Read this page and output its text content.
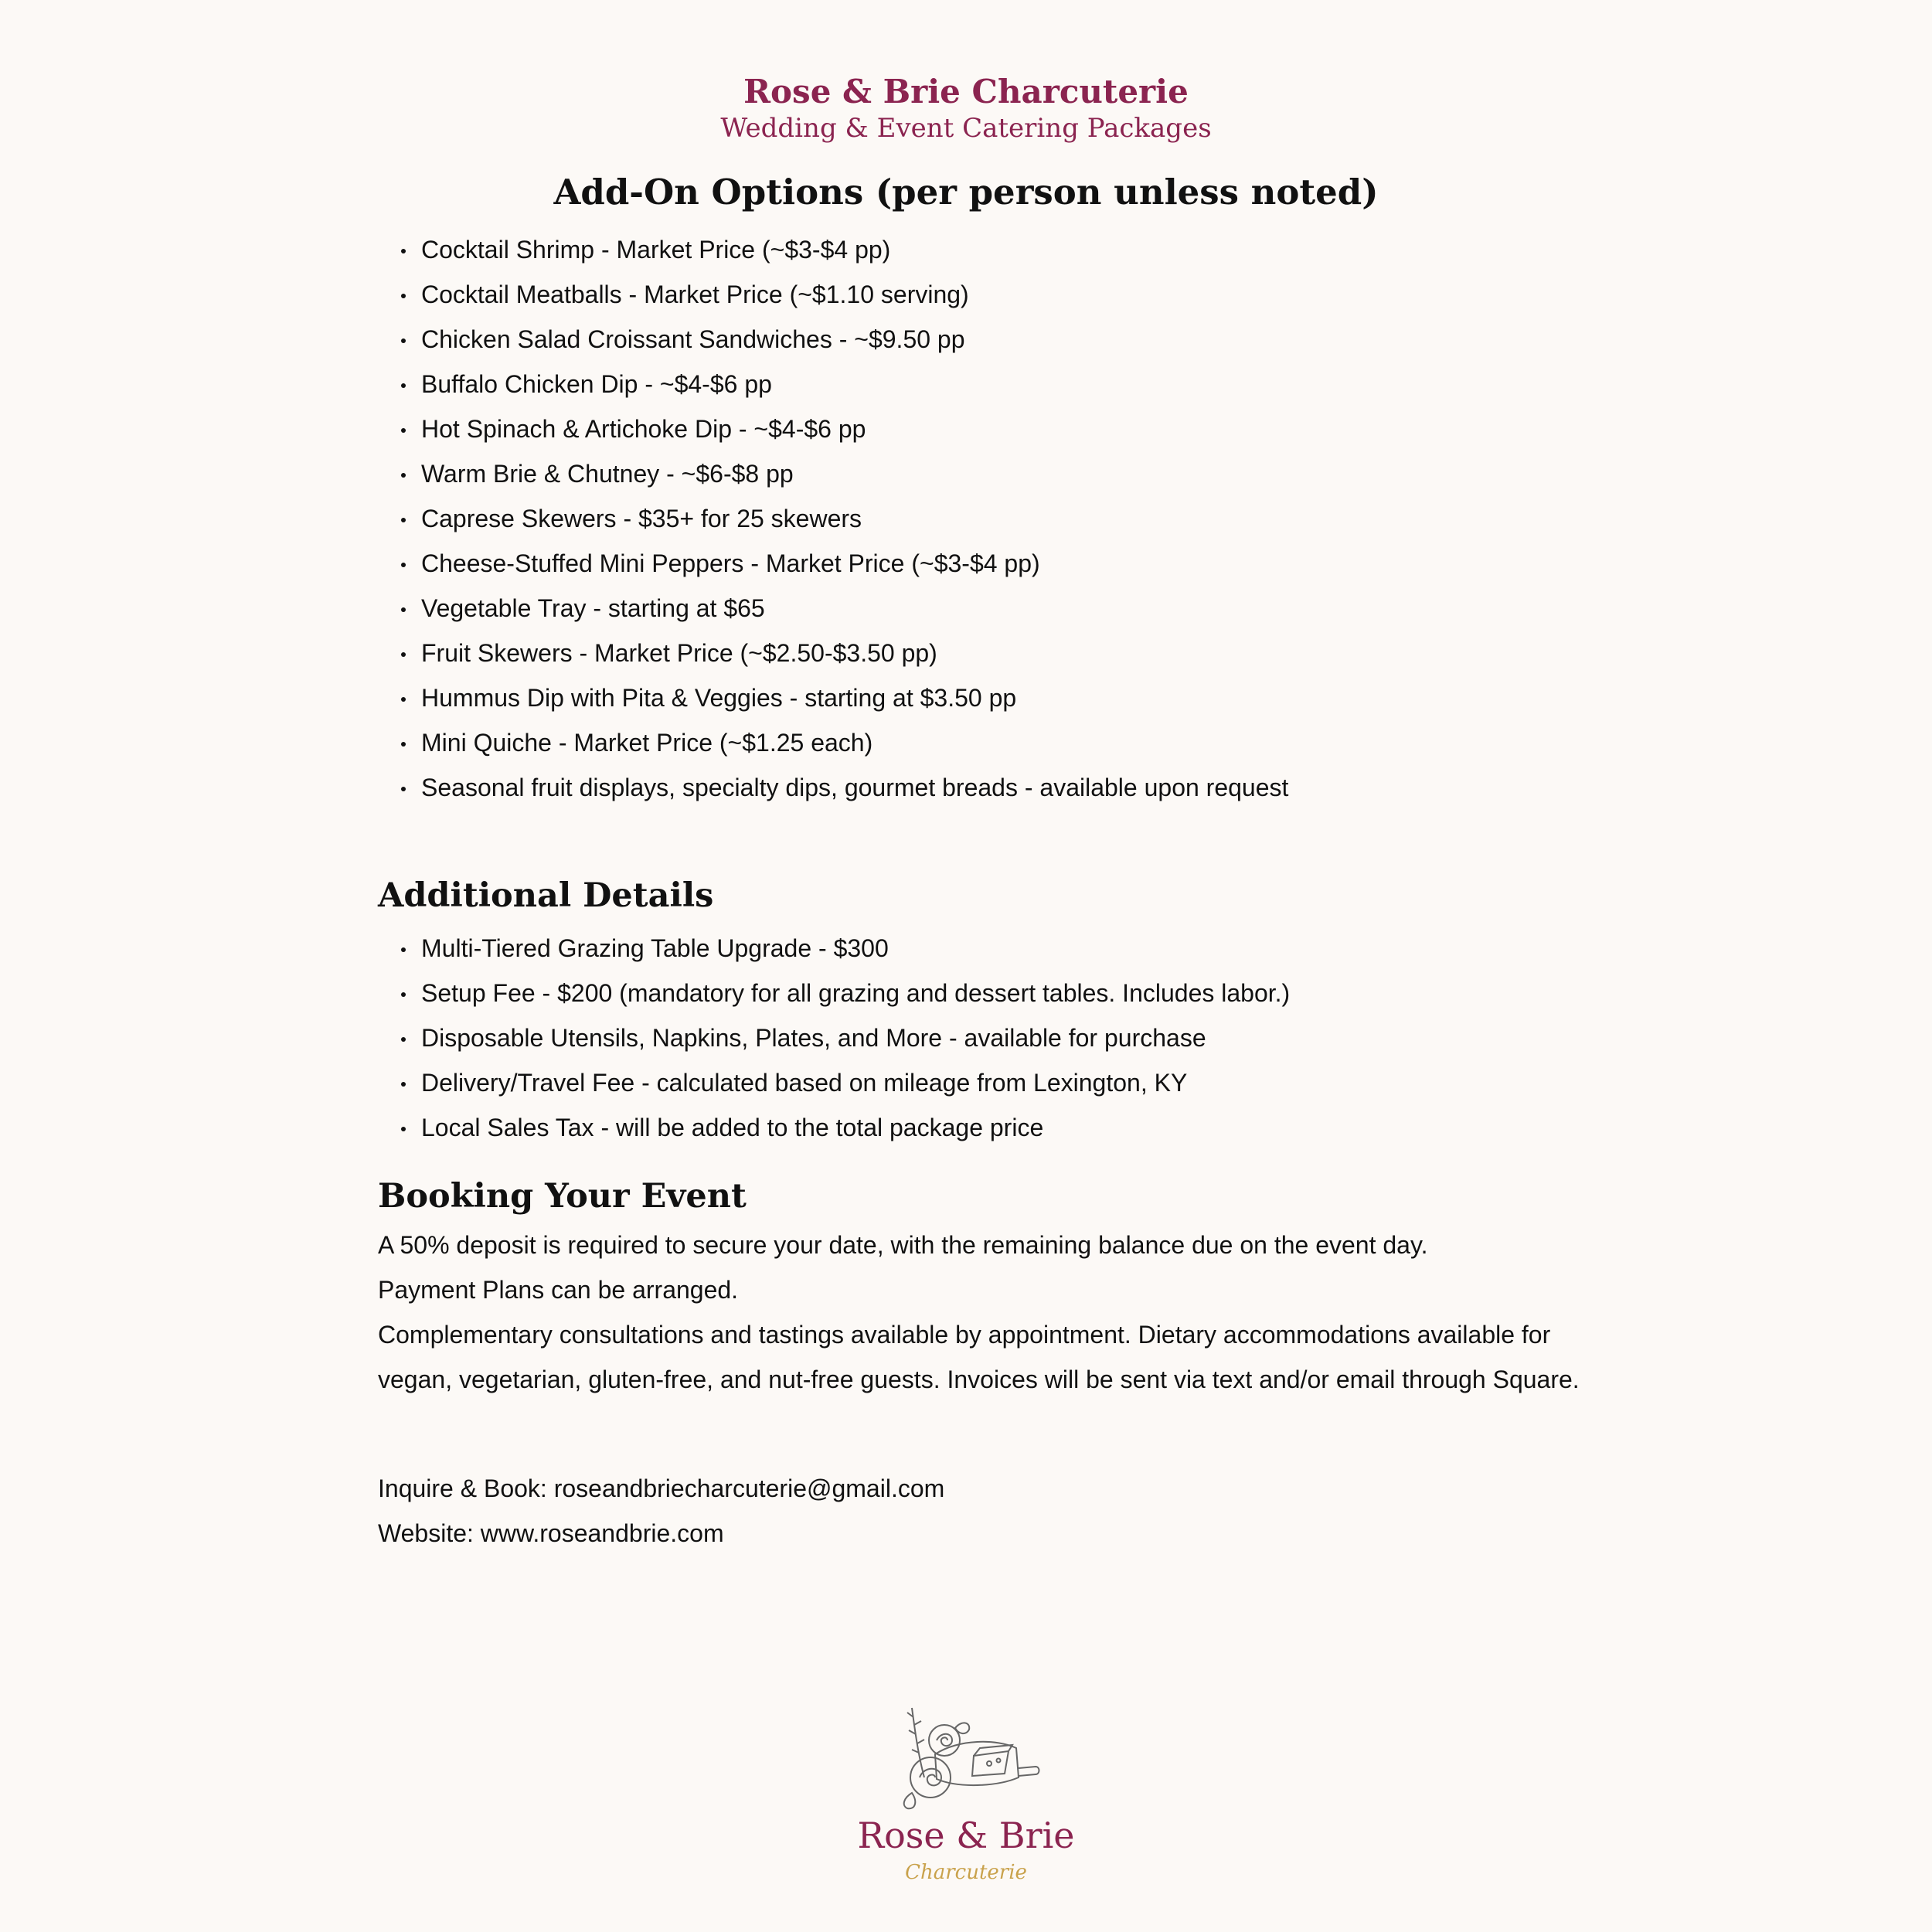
Rose & Brie Charcuterie
Wedding & Event Catering Packages
Add-On Options (per person unless noted)
Cocktail Shrimp - Market Price (~$3-$4 pp)
Cocktail Meatballs - Market Price (~$1.10 serving)
Chicken Salad Croissant Sandwiches - ~$9.50 pp
Buffalo Chicken Dip - ~$4-$6 pp
Hot Spinach & Artichoke Dip - ~$4-$6 pp
Warm Brie & Chutney - ~$6-$8 pp
Caprese Skewers - $35+ for 25 skewers
Cheese-Stuffed Mini Peppers - Market Price (~$3-$4 pp)
Vegetable Tray - starting at $65
Fruit Skewers - Market Price (~$2.50-$3.50 pp)
Hummus Dip with Pita & Veggies - starting at $3.50 pp
Mini Quiche - Market Price (~$1.25 each)
Seasonal fruit displays, specialty dips, gourmet breads - available upon request
Additional Details
Multi-Tiered Grazing Table Upgrade - $300
Setup Fee - $200 (mandatory for all grazing and dessert tables. Includes labor.)
Disposable Utensils, Napkins, Plates, and More - available for purchase
Delivery/Travel Fee - calculated based on mileage from Lexington, KY
Local Sales Tax - will be added to the total package price
Booking Your Event

A 50% deposit is required to secure your date, with the remaining balance due on the event day.

Payment Plans can be arranged.

Complementary consultations and tastings available by appointment. Dietary accommodations available for vegan, vegetarian, gluten-free, and nut-free guests. Invoices will be sent via text and/or email through Square.

Inquire & Book: roseandbriecharcuterie@gmail.com

Website: www.roseandbrie.com

Rose & Brie
Charcuterie
